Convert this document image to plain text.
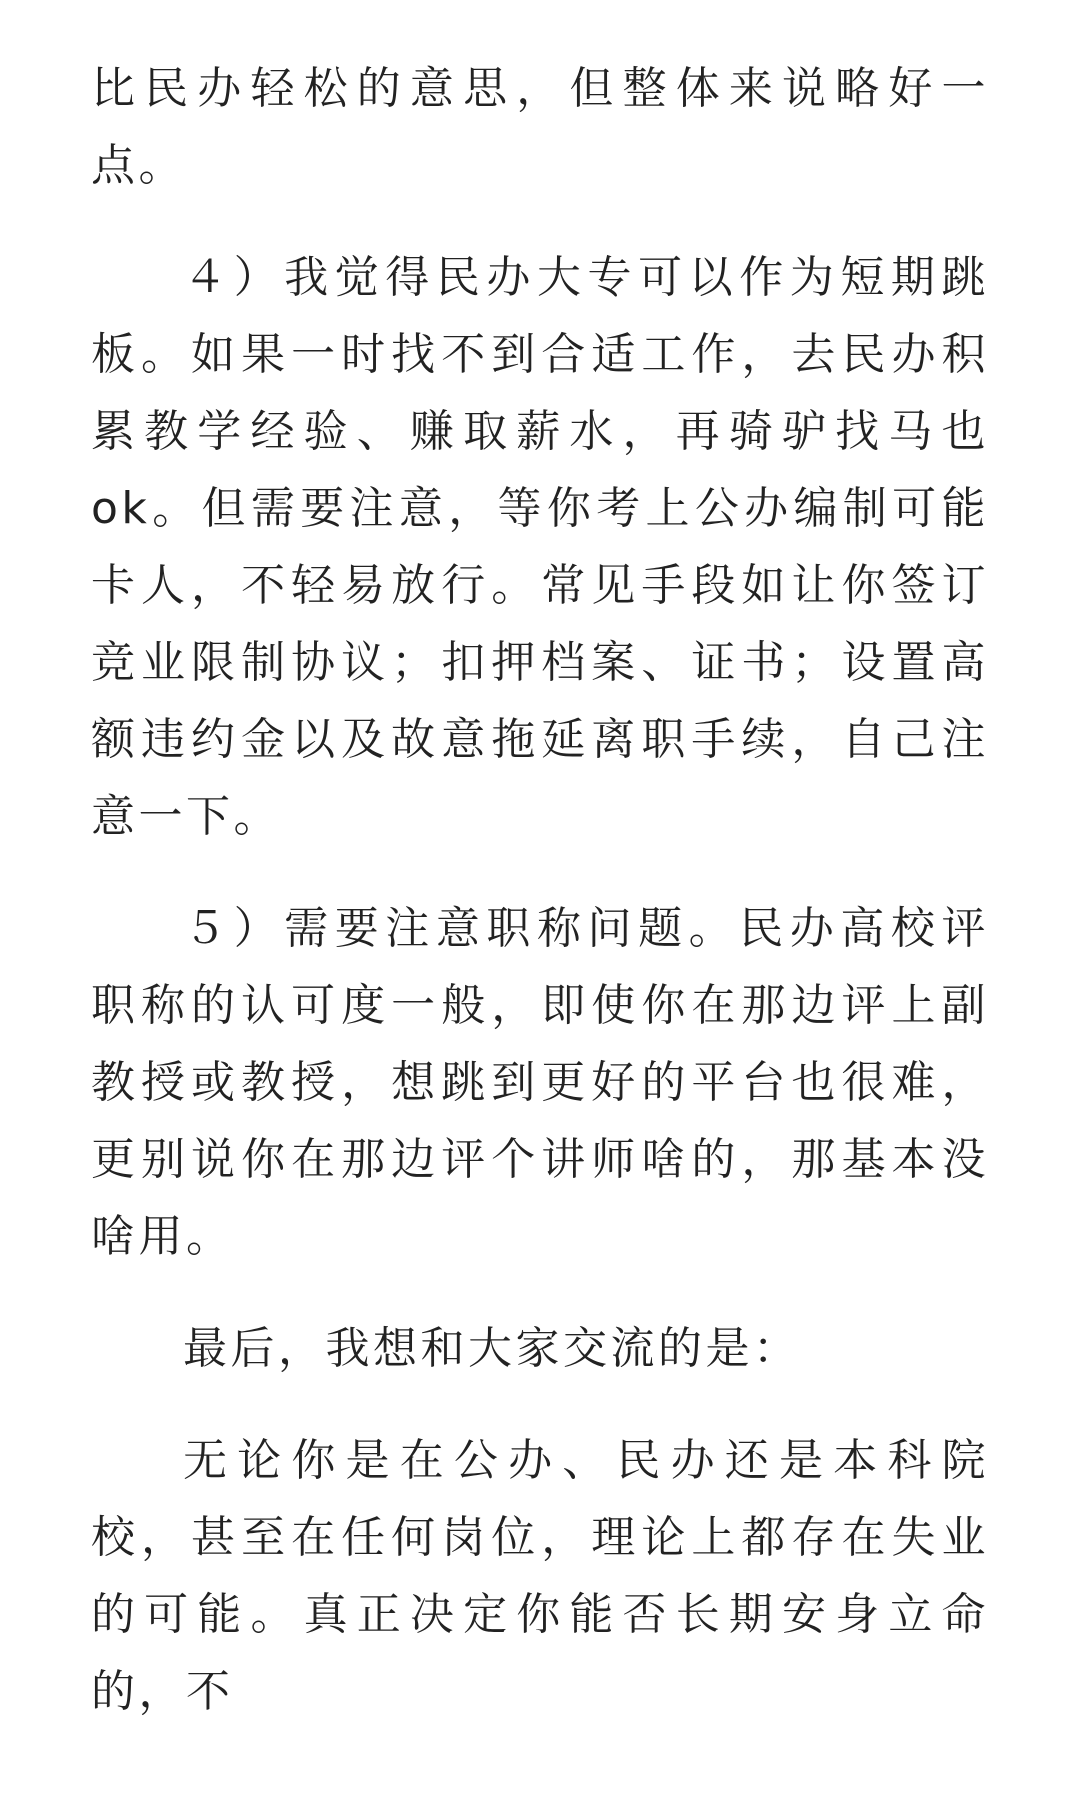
比民办轻松的意思，但整体来说略好一点。

４）我觉得民办大专可以作为短期跳板。如果一时找不到合适工作，去民办积累教学经验、赚取薪水，再骑驴找马也ok。但需要注意，等你考上公办编制可能卡人，不轻易放行。常见手段如让你签订竞业限制协议；扣押档案、证书；设置高额违约金以及故意拖延离职手续，自己注意一下。

５）需要注意职称问题。民办高校评职称的认可度一般，即使你在那边评上副教授或教授，想跳到更好的平台也很难，更别说你在那边评个讲师啥的，那基本没啥用。

最后，我想和大家交流的是：

无论你是在公办、民办还是本科院校，甚至在任何岗位，理论上都存在失业的可能。真正决定你能否长期安身立命的，不
